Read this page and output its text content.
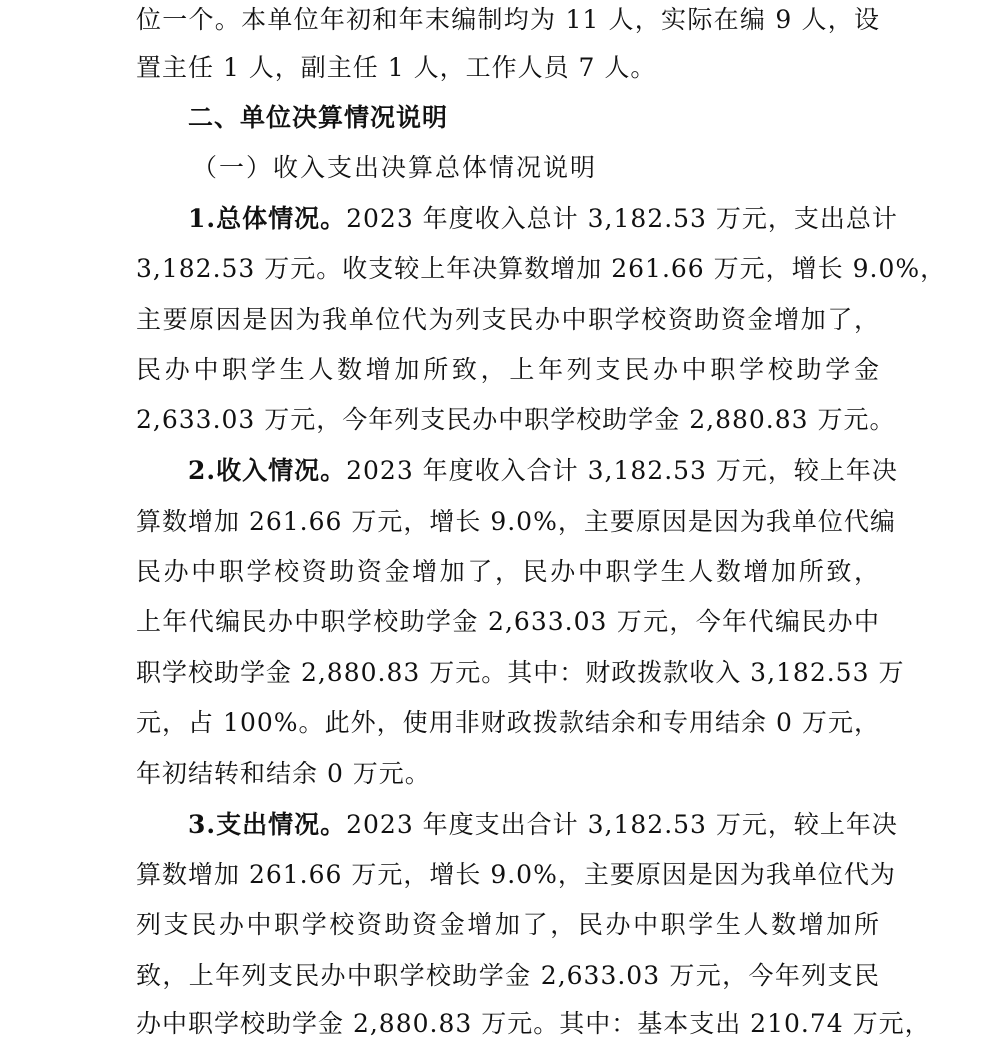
位一个。本单位年初和年末编制均为 11 人，实际在编 9 人，设
置主任 1 人，副主任 1 人，工作人员 7 人。
二、单位决算情况说明
（一）收入支出决算总体情况说明
1.总体情况。2023 年度收入总计 3,182.53 万元，支出总计
3,182.53 万元。收支较上年决算数增加 261.66 万元，增长 9.0%，
主要原因是因为我单位代为列支民办中职学校资助资金增加了，
民办中职学生人数增加所致，上年列支民办中职学校助学金
2,633.03 万元，今年列支民办中职学校助学金 2,880.83 万元。
2.收入情况。2023 年度收入合计 3,182.53 万元，较上年决
算数增加 261.66 万元，增长 9.0%，主要原因是因为我单位代编
民办中职学校资助资金增加了，民办中职学生人数增加所致，
上年代编民办中职学校助学金 2,633.03 万元，今年代编民办中
职学校助学金 2,880.83 万元。其中：财政拨款收入 3,182.53 万
元，占 100%。此外，使用非财政拨款结余和专用结余 0 万元，
年初结转和结余 0 万元。
3.支出情况。2023 年度支出合计 3,182.53 万元，较上年决
算数增加 261.66 万元，增长 9.0%，主要原因是因为我单位代为
列支民办中职学校资助资金增加了，民办中职学生人数增加所
致，上年列支民办中职学校助学金 2,633.03 万元，今年列支民
办中职学校助学金 2,880.83 万元。其中：基本支出 210.74 万元，
